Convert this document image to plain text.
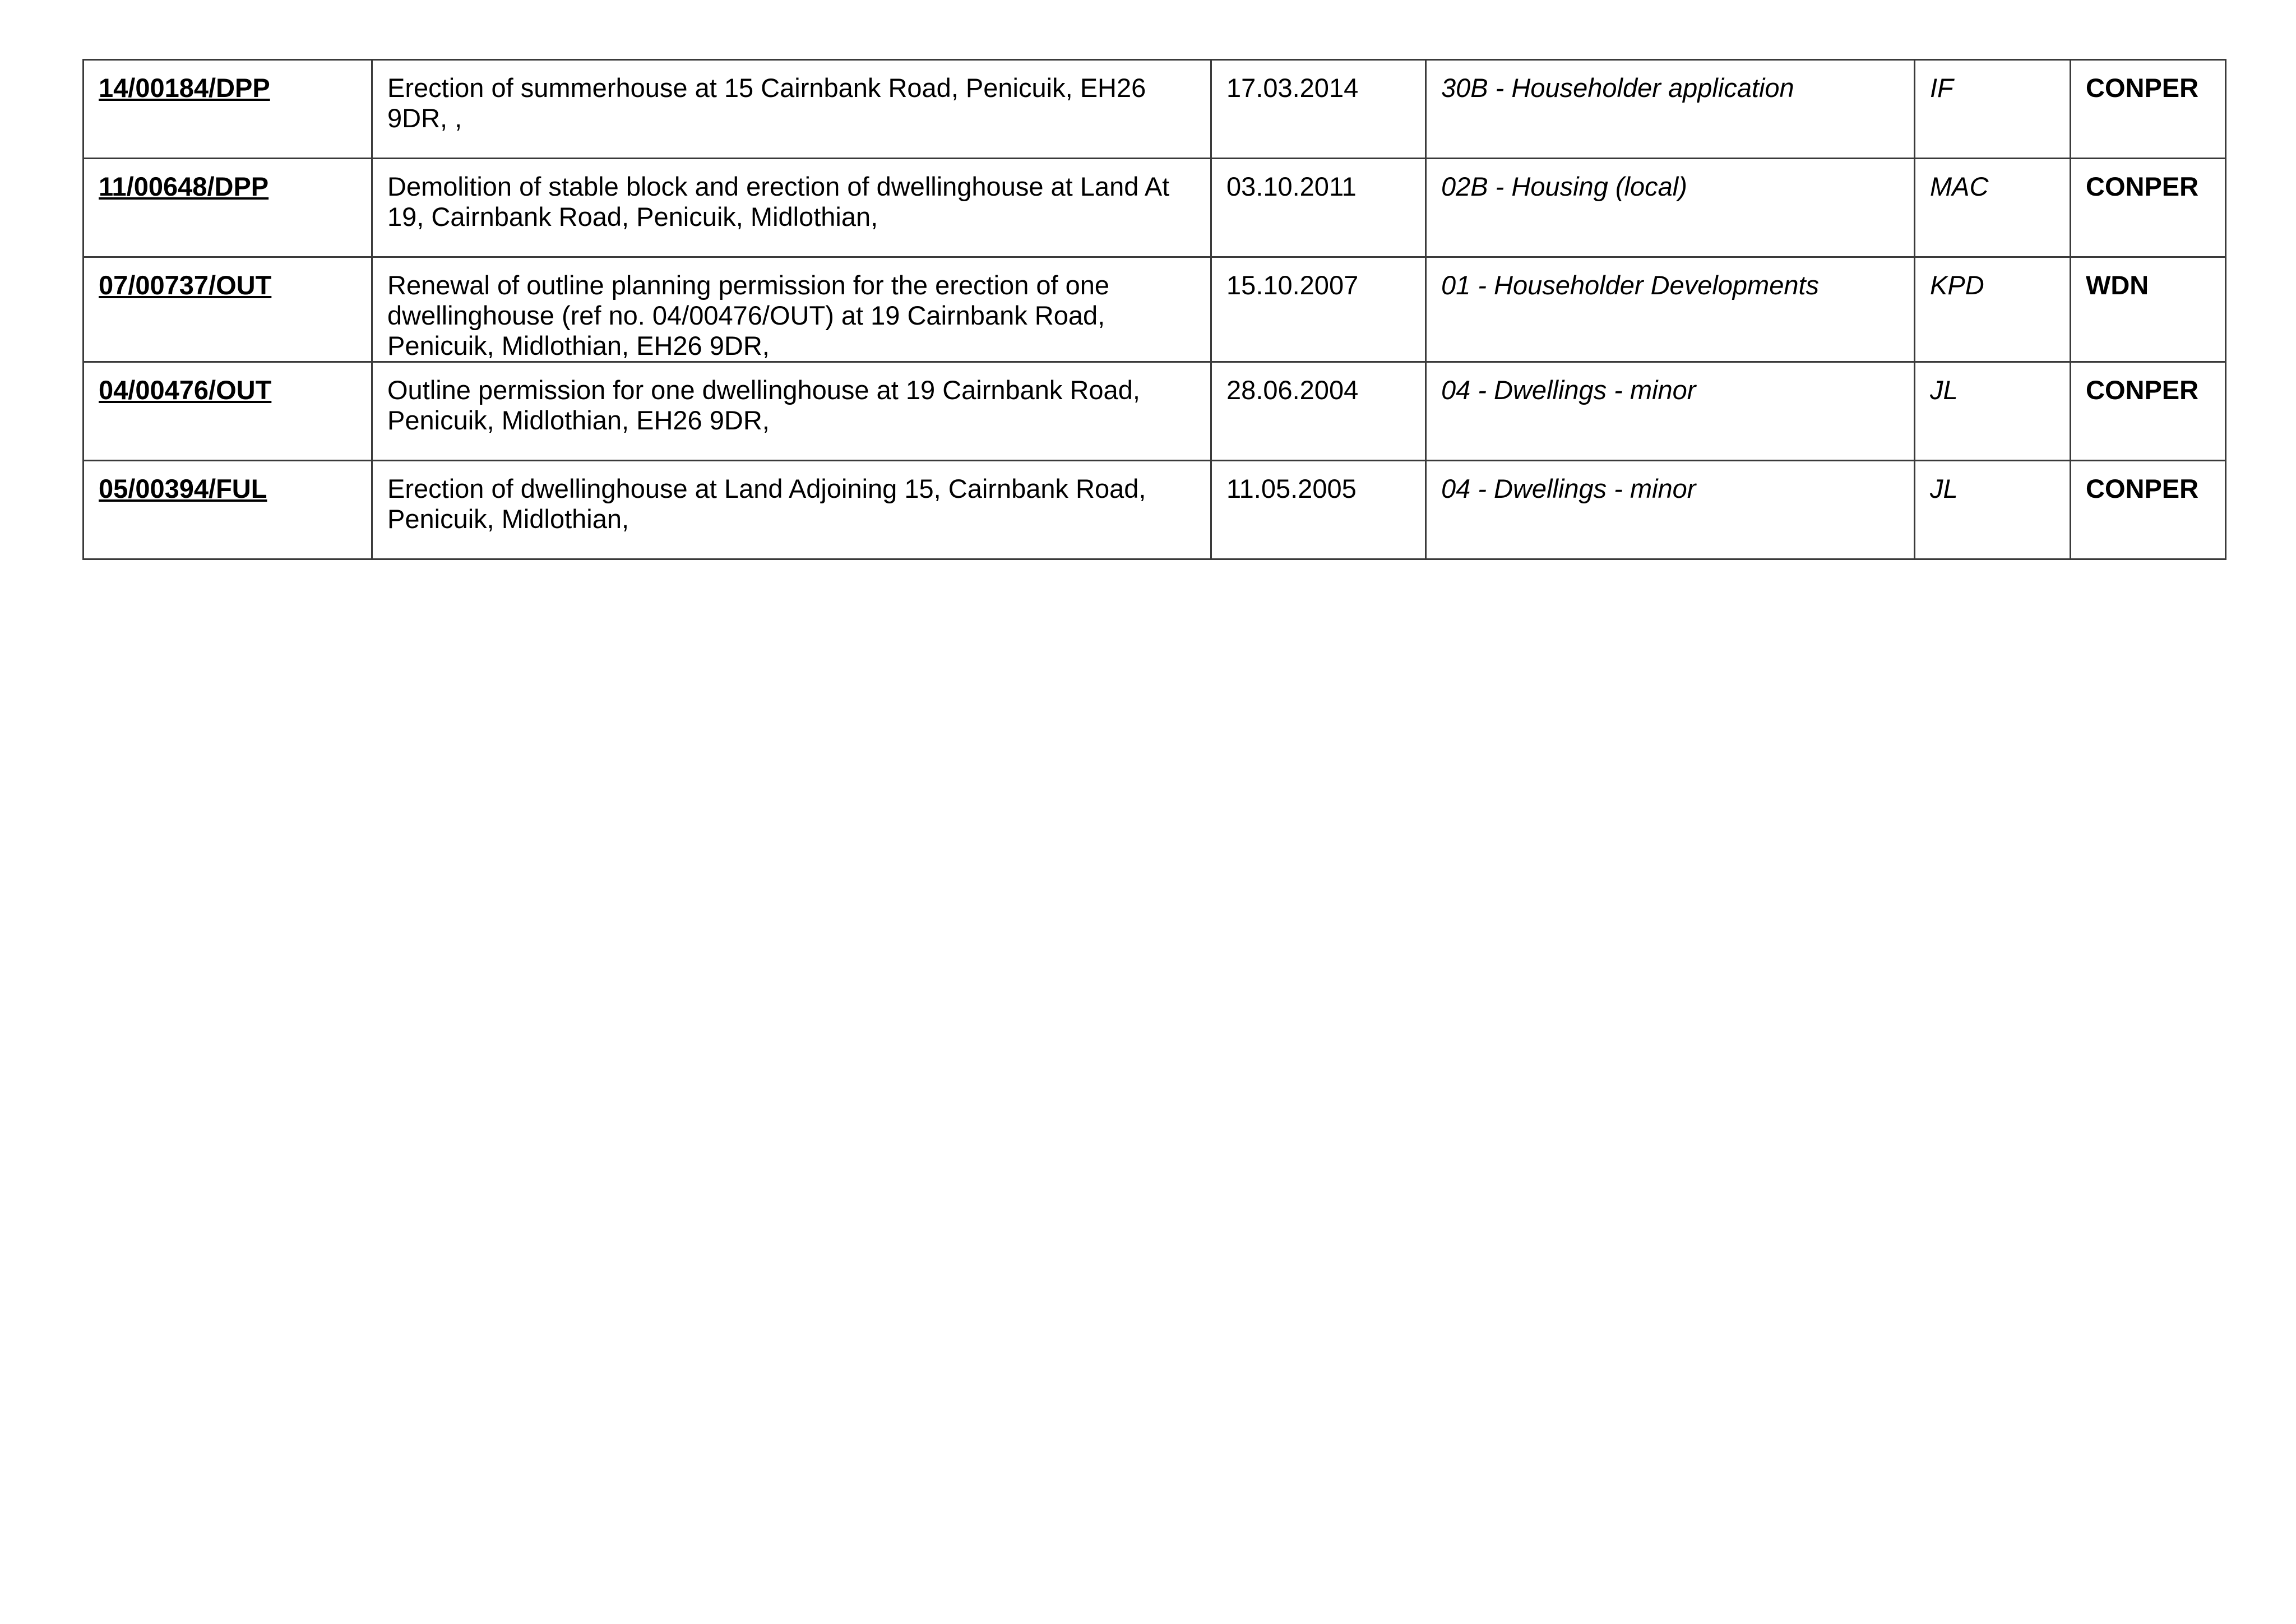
14/00184/DPP	Erection of summerhouse at 15 Cairnbank Road, Penicuik, EH26 9DR, ,	17.03.2014	30B - Householder application	IF	CONPER
11/00648/DPP	Demolition of stable block and erection of dwellinghouse at Land At 19, Cairnbank Road, Penicuik, Midlothian,	03.10.2011	02B - Housing (local)	MAC	CONPER
07/00737/OUT	Renewal of outline planning permission for the erection of one dwellinghouse (ref no. 04/00476/OUT) at 19 Cairnbank Road, Penicuik, Midlothian, EH26 9DR,	15.10.2007	01 - Householder Developments	KPD	WDN
04/00476/OUT	Outline permission for one dwellinghouse at 19 Cairnbank Road, Penicuik, Midlothian, EH26 9DR,	28.06.2004	04 - Dwellings - minor	JL	CONPER
05/00394/FUL	Erection of dwellinghouse at Land Adjoining 15, Cairnbank Road, Penicuik, Midlothian,	11.05.2005	04 - Dwellings - minor	JL	CONPER
